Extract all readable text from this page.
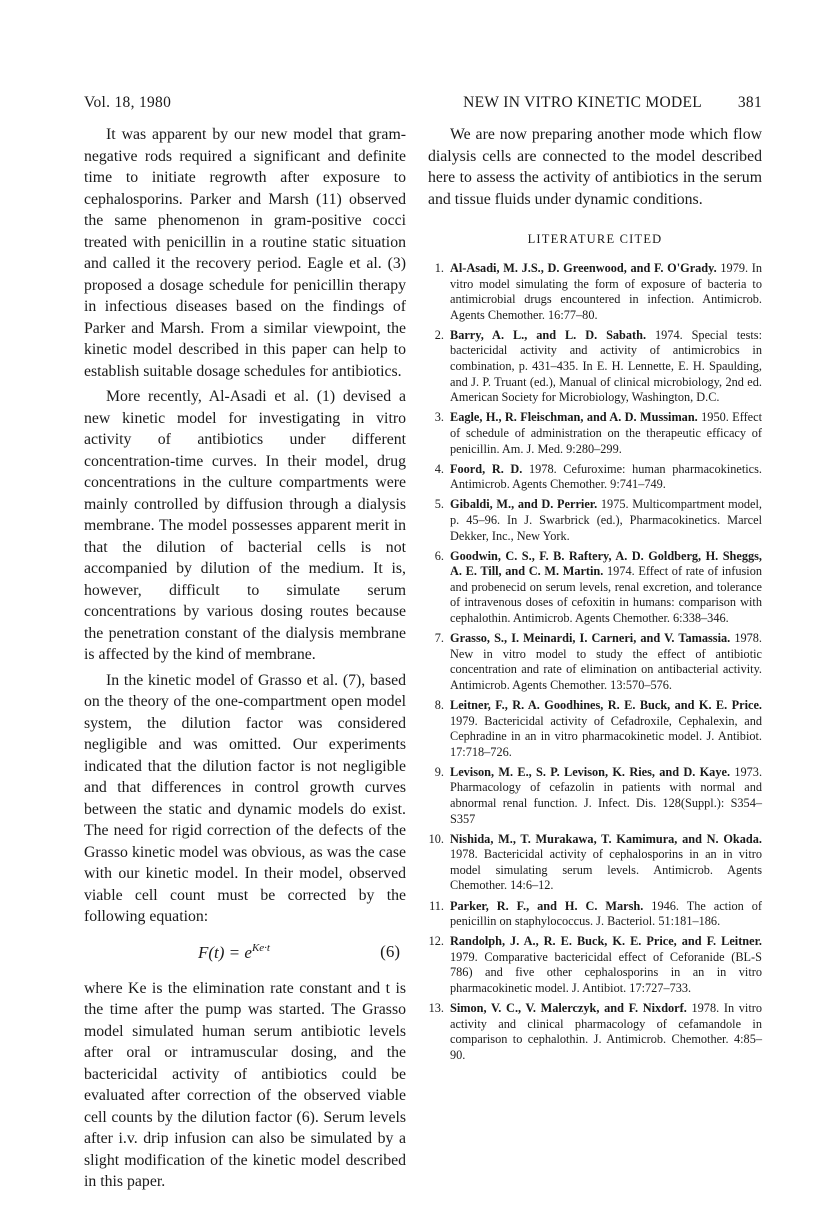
Vol. 18, 1980	NEW IN VITRO KINETIC MODEL 381

It was apparent by our new model that gram-negative rods required a significant and definite time to initiate regrowth after exposure to cephalosporins. Parker and Marsh (11) observed the same phenomenon in gram-positive cocci treated with penicillin in a routine static situation and called it the recovery period. Eagle et al. (3) proposed a dosage schedule for penicillin therapy in infectious diseases based on the findings of Parker and Marsh. From a similar viewpoint, the kinetic model described in this paper can help to establish suitable dosage schedules for antibiotics.

More recently, Al-Asadi et al. (1) devised a new kinetic model for investigating in vitro activity of antibiotics under different concentration-time curves. In their model, drug concentrations in the culture compartments were mainly controlled by diffusion through a dialysis membrane. The model possesses apparent merit in that the dilution of bacterial cells is not accompanied by dilution of the medium. It is, however, difficult to simulate serum concentrations by various dosing routes because the penetration constant of the dialysis membrane is affected by the kind of membrane.

In the kinetic model of Grasso et al. (7), based on the theory of the one-compartment open model system, the dilution factor was considered negligible and was omitted. Our experiments indicated that the dilution factor is not negligible and that differences in control growth curves between the static and dynamic models do exist. The need for rigid correction of the defects of the Grasso kinetic model was obvious, as was the case with our kinetic model. In their model, observed viable cell count must be corrected by the following equation:

$F(t) = e^{Ke\cdot t}$	(6)

where Ke is the elimination rate constant and t is the time after the pump was started. The Grasso model simulated human serum antibiotic levels after oral or intramuscular dosing, and the bactericidal activity of antibiotics could be evaluated after correction of the observed viable cell counts by the dilution factor (6). Serum levels after i.v. drip infusion can also be simulated by a slight modification of the kinetic model described in this paper.

We are now preparing another mode which flow dialysis cells are connected to the model described here to assess the activity of antibiotics in the serum and tissue fluids under dynamic conditions.

LITERATURE CITED
1. Al-Asadi, M. J.S., D. Greenwood, and F. O'Grady. 1979. In vitro model simulating the form of exposure of bacteria to antimicrobial drugs encountered in infection. Antimicrob. Agents Chemother. 16:77–80.
2. Barry, A. L., and L. D. Sabath. 1974. Special tests: bactericidal activity and activity of antimicrobics in combination, p. 431–435. In E. H. Lennette, E. H. Spaulding, and J. P. Truant (ed.), Manual of clinical microbiology, 2nd ed. American Society for Microbiology, Washington, D.C.
3. Eagle, H., R. Fleischman, and A. D. Mussiman. 1950. Effect of schedule of administration on the therapeutic efficacy of penicillin. Am. J. Med. 9:280–299.
4. Foord, R. D. 1978. Cefuroxime: human pharmacokinetics. Antimicrob. Agents Chemother. 9:741–749.
5. Gibaldi, M., and D. Perrier. 1975. Multicompartment model, p. 45–96. In J. Swarbrick (ed.), Pharmacokinetics. Marcel Dekker, Inc., New York.
6. Goodwin, C. S., F. B. Raftery, A. D. Goldberg, H. Sheggs, A. E. Till, and C. M. Martin. 1974. Effect of rate of infusion and probenecid on serum levels, renal excretion, and tolerance of intravenous doses of cefoxitin in humans: comparison with cephalothin. Antimicrob. Agents Chemother. 6:338–346.
7. Grasso, S., I. Meinardi, I. Carneri, and V. Tamassia. 1978. New in vitro model to study the effect of antibiotic concentration and rate of elimination on antibacterial activity. Antimicrob. Agents Chemother. 13:570–576.
8. Leitner, F., R. A. Goodhines, R. E. Buck, and K. E. Price. 1979. Bactericidal activity of Cefadroxile, Cephalexin, and Cephradine in an in vitro pharmacokinetic model. J. Antibiot. 17:718–726.
9. Levison, M. E., S. P. Levison, K. Ries, and D. Kaye. 1973. Pharmacology of cefazolin in patients with normal and abnormal renal function. J. Infect. Dis. 128(Suppl.): S354–S357
10. Nishida, M., T. Murakawa, T. Kamimura, and N. Okada. 1978. Bactericidal activity of cephalosporins in an in vitro model simulating serum levels. Antimicrob. Agents Chemother. 14:6–12.
11. Parker, R. F., and H. C. Marsh. 1946. The action of penicillin on staphylococcus. J. Bacteriol. 51:181–186.
12. Randolph, J. A., R. E. Buck, K. E. Price, and F. Leitner. 1979. Comparative bactericidal effect of Ceforanide (BL-S 786) and five other cephalosporins in an in vitro pharmacokinetic model. J. Antibiot. 17:727–733.
13. Simon, V. C., V. Malerczyk, and F. Nixdorf. 1978. In vitro activity and clinical pharmacology of cefamandole in comparison to cephalothin. J. Antimicrob. Chemother. 4:85–90.
